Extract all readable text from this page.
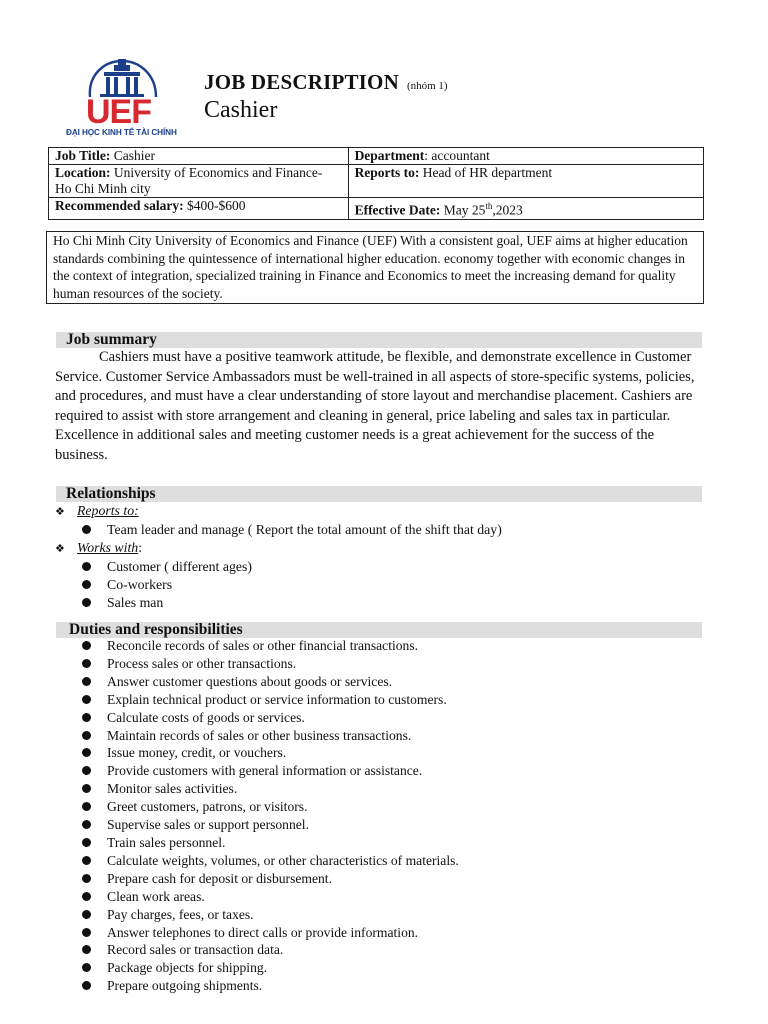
UEF
ĐẠI HỌC KINH TẾ TÀI CHÍNH
JOB DESCRIPTION (nhóm 1)
Cashier
Job Title: Cashier	Department: accountant
Location: University of Economics and Finance- Ho Chi Minh city	Reports to: Head of HR department
Recommended salary: $400-$600	Effective Date: May 25th,2023
Ho Chi Minh City University of Economics and Finance (UEF) With a consistent goal, UEF aims at higher education standards combining the quintessence of international higher education. economy together with economic changes in the context of integration, specialized training in Finance and Economics to meet the increasing demand for quality human resources of the society.
Job summary
Cashiers must have a positive teamwork attitude, be flexible, and demonstrate excellence in Customer Service. Customer Service Ambassadors must be well-trained in all aspects of store-specific systems, policies, and procedures, and must have a clear understanding of store layout and merchandise placement. Cashiers are required to assist with store arrangement and cleaning in general, price labeling and sales tax in particular. Excellence in additional sales and meeting customer needs is a great achievement for the success of the business.
Relationships
❖ Reports to:
Team leader and manage ( Report the total amount of the shift that day)
❖ Works with:
Customer ( different ages)
Co-workers
Sales man
Duties and responsibilities
Reconcile records of sales or other financial transactions.
Process sales or other transactions.
Answer customer questions about goods or services.
Explain technical product or service information to customers.
Calculate costs of goods or services.
Maintain records of sales or other business transactions.
Issue money, credit, or vouchers.
Provide customers with general information or assistance.
Monitor sales activities.
Greet customers, patrons, or visitors.
Supervise sales or support personnel.
Train sales personnel.
Calculate weights, volumes, or other characteristics of materials.
Prepare cash for deposit or disbursement.
Clean work areas.
Pay charges, fees, or taxes.
Answer telephones to direct calls or provide information.
Record sales or transaction data.
Package objects for shipping.
Prepare outgoing shipments.
